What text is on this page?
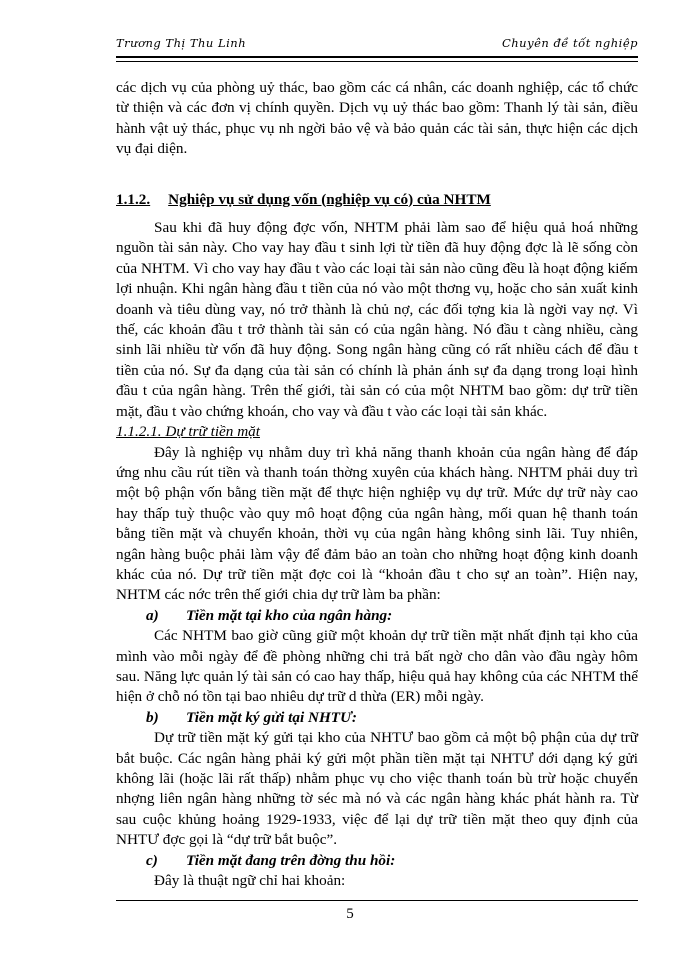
Trương Thị Thu Linh	Chuyên đề tốt nghiệp

các dịch vụ của phòng uỷ thác, bao gồm các cá nhân, các doanh nghiệp, các tổ chức từ thiện và các đơn vị chính quyền. Dịch vụ uỷ thác bao gồm: Thanh lý tài sản, điều hành vật uỷ thác, phục vụ nh ngời bảo vệ và bảo quản các tài sản, thực hiện các dịch vụ đại diện.

1.1.2. Nghiệp vụ sử dụng vốn (nghiệp vụ có) của NHTM

Sau khi đã huy động đợc vốn, NHTM phải làm sao để hiệu quả hoá những nguồn tài sản này. Cho vay hay đầu t sinh lợi từ tiền đã huy động đợc là lẽ sống còn của NHTM. Vì cho vay hay đầu t vào các loại tài sản nào cũng đều là hoạt động kiếm lợi nhuận. Khi ngân hàng đầu t tiền của nó vào một thơng vụ, hoặc cho sản xuất kinh doanh và tiêu dùng vay, nó trở thành là chủ nợ, các đối tợng kia là ngời vay nợ. Vì thế, các khoản đầu t trở thành tài sản có của ngân hàng. Nó đầu t càng nhiều, càng sinh lãi nhiều từ vốn đã huy động. Song ngân hàng cũng có rất nhiều cách để đầu t tiền của nó. Sự đa dạng của tài sản có chính là phản ánh sự đa dạng trong loại hình đầu t của ngân hàng. Trên thế giới, tài sản có của một NHTM bao gồm: dự trữ tiền mặt, đầu t vào chứng khoán, cho vay và đầu t vào các loại tài sản khác.

1.1.2.1. Dự trữ tiền mặt

Đây là nghiệp vụ nhằm duy trì khả năng thanh khoản của ngân hàng để đáp ứng nhu cầu rút tiền và thanh toán thờng xuyên của khách hàng. NHTM phải duy trì một bộ phận vốn bằng tiền mặt để thực hiện nghiệp vụ dự trữ. Mức dự trữ này cao hay thấp tuỳ thuộc vào quy mô hoạt động của ngân hàng, mối quan hệ thanh toán bằng tiền mặt và chuyển khoản, thời vụ của ngân hàng không sinh lãi. Tuy nhiên, ngân hàng buộc phải làm vậy để đảm bảo an toàn cho những hoạt động kinh doanh khác của nó. Dự trữ tiền mặt đợc coi là “khoản đầu t cho sự an toàn”. Hiện nay, NHTM các nớc trên thế giới chia dự trữ làm ba phần:

a) Tiền mặt tại kho của ngân hàng:

Các NHTM bao giờ cũng giữ một khoản dự trữ tiền mặt nhất định tại kho của mình vào mỗi ngày để đề phòng những chi trả bất ngờ cho dân vào đầu ngày hôm sau. Năng lực quản lý tài sản có cao hay thấp, hiệu quả hay không của các NHTM thể hiện ở chỗ nó tồn tại bao nhiêu dự trữ d thừa (ER) mỗi ngày.

b) Tiền mặt ký gửi tại NHTƯ:

Dự trữ tiền mặt ký gửi tại kho của NHTƯ bao gồm cả một bộ phận của dự trữ bắt buộc. Các ngân hàng phải ký gửi một phần tiền mặt tại NHTƯ dới dạng ký gửi không lãi (hoặc lãi rất thấp) nhằm phục vụ cho việc thanh toán bù trừ hoặc chuyển nhợng liên ngân hàng những tờ séc mà nó và các ngân hàng khác phát hành ra. Từ sau cuộc khủng hoảng 1929-1933, việc để lại dự trữ tiền mặt theo quy định của NHTƯ đợc gọi là “dự trữ bắt buộc”.

c) Tiền mặt đang trên đờng thu hồi:

Đây là thuật ngữ chỉ hai khoản:

5
